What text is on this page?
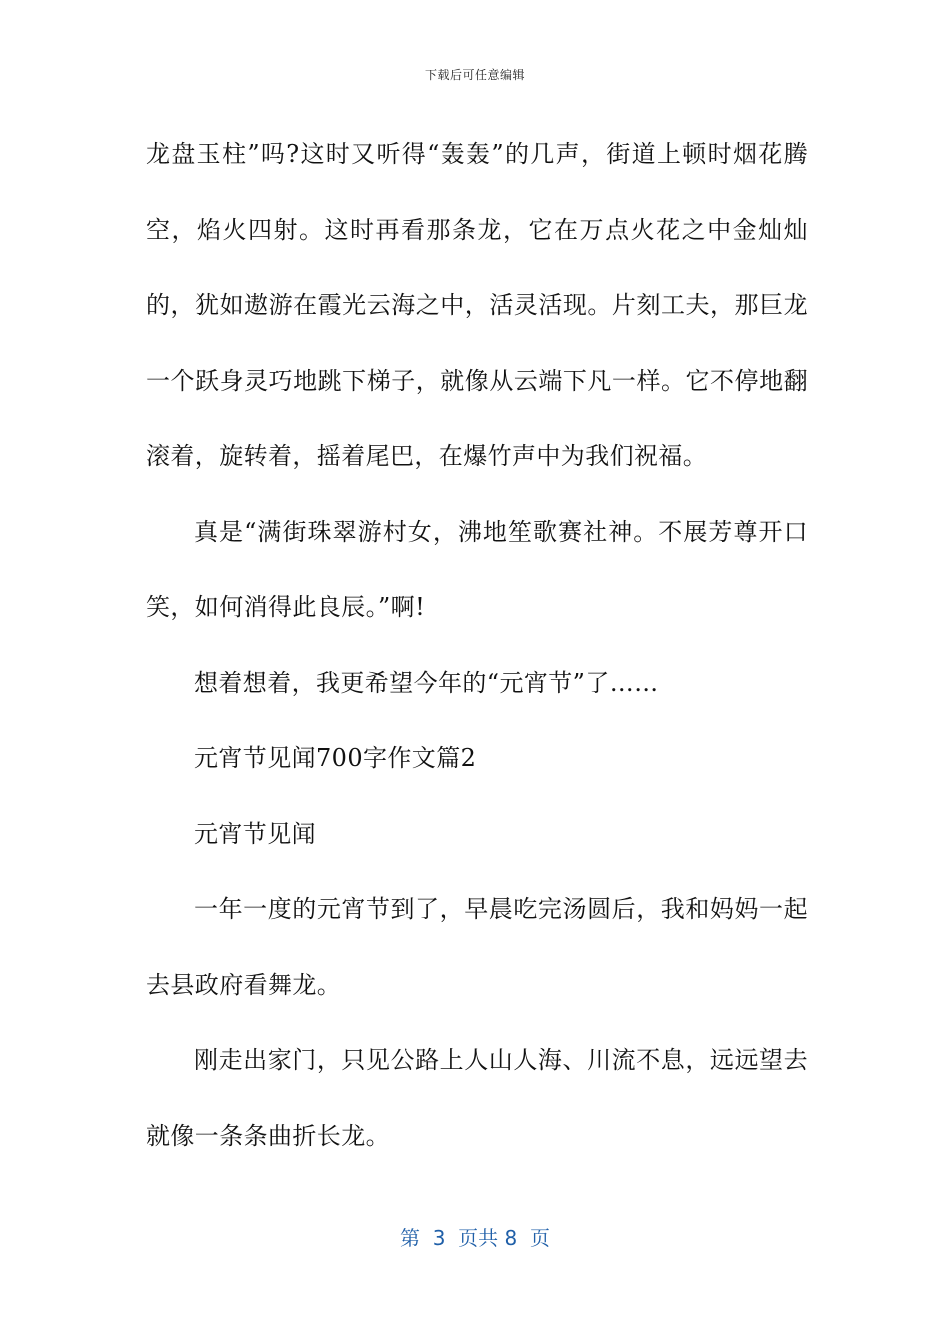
下载后可任意编辑

龙盘玉柱”吗?这时又听得“轰轰”的几声，街道上顿时烟花腾空，焰火四射。这时再看那条龙，它在万点火花之中金灿灿的，犹如遨游在霞光云海之中，活灵活现。片刻工夫，那巨龙一个跃身灵巧地跳下梯子，就像从云端下凡一样。它不停地翻滚着，旋转着，摇着尾巴，在爆竹声中为我们祝福。

真是“满街珠翠游村女，沸地笙歌赛社神。不展芳尊开口笑，如何消得此良辰。”啊!

想着想着，我更希望今年的“元宵节”了……

元宵节见闻700字作文篇2

元宵节见闻

一年一度的元宵节到了，早晨吃完汤圆后，我和妈妈一起去县政府看舞龙。

刚走出家门，只见公路上人山人海、川流不息，远远望去就像一条条曲折长龙。

第  3  页共 8  页
